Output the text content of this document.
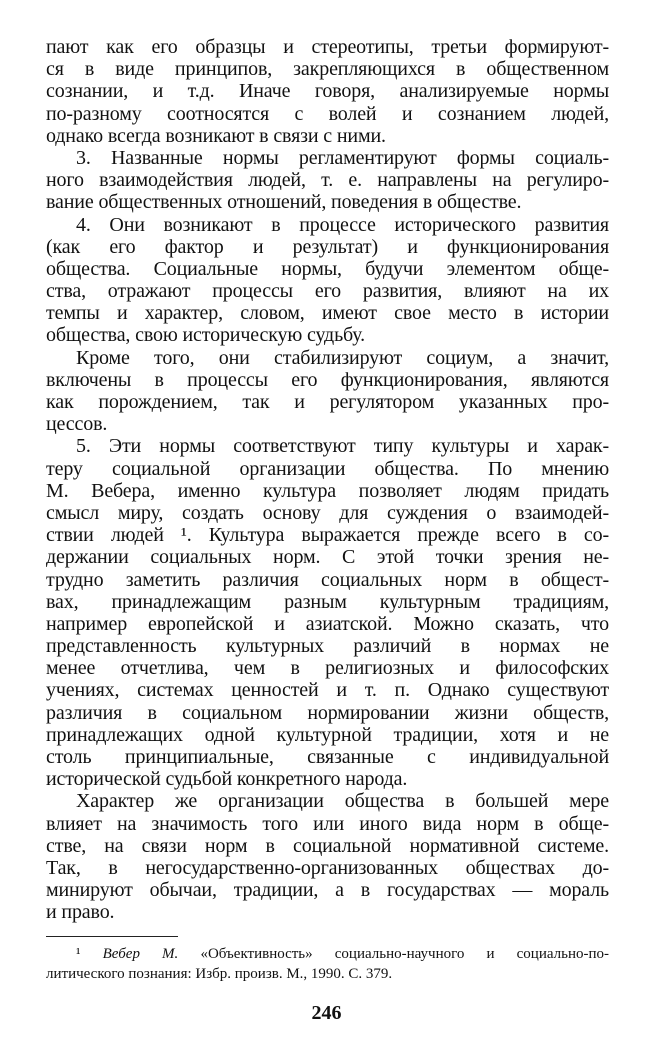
пают как его образцы и стереотипы, третьи формируют-
ся в виде принципов, закрепляющихся в общественном
сознании, и т.д. Иначе говоря, анализируемые нормы
по-разному соотносятся с волей и сознанием людей,
однако всегда возникают в связи с ними.
3. Названные нормы регламентируют формы социаль-
ного взаимодействия людей, т. е. направлены на регулиро-
вание общественных отношений, поведения в обществе.
4. Они возникают в процессе исторического развития
(как его фактор и результат) и функционирования
общества. Социальные нормы, будучи элементом обще-
ства, отражают процессы его развития, влияют на их
темпы и характер, словом, имеют свое место в истории
общества, свою историческую судьбу.
Кроме того, они стабилизируют социум, а значит,
включены в процессы его функционирования, являются
как порождением, так и регулятором указанных про-
цессов.
5. Эти нормы соответствуют типу культуры и харак-
теру социальной организации общества. По мнению
М. Вебера, именно культура позволяет людям придать
смысл миру, создать основу для суждения о взаимодей-
ствии людей ¹. Культура выражается прежде всего в со-
держании социальных норм. С этой точки зрения не-
трудно заметить различия социальных норм в общест-
вах, принадлежащим разным культурным традициям,
например европейской и азиатской. Можно сказать, что
представленность культурных различий в нормах не
менее отчетлива, чем в религиозных и философских
учениях, системах ценностей и т. п. Однако существуют
различия в социальном нормировании жизни обществ,
принадлежащих одной культурной традиции, хотя и не
столь принципиальные, связанные с индивидуальной
исторической судьбой конкретного народа.
Характер же организации общества в большей мере
влияет на значимость того или иного вида норм в обще-
стве, на связи норм в социальной нормативной системе.
Так, в негосударственно-организованных обществах до-
минируют обычаи, традиции, а в государствах — мораль
и право.
¹ Вебер М. «Объективность» социально-научного и социально-по-
литического познания: Избр. произв. М., 1990. С. 379.
246
